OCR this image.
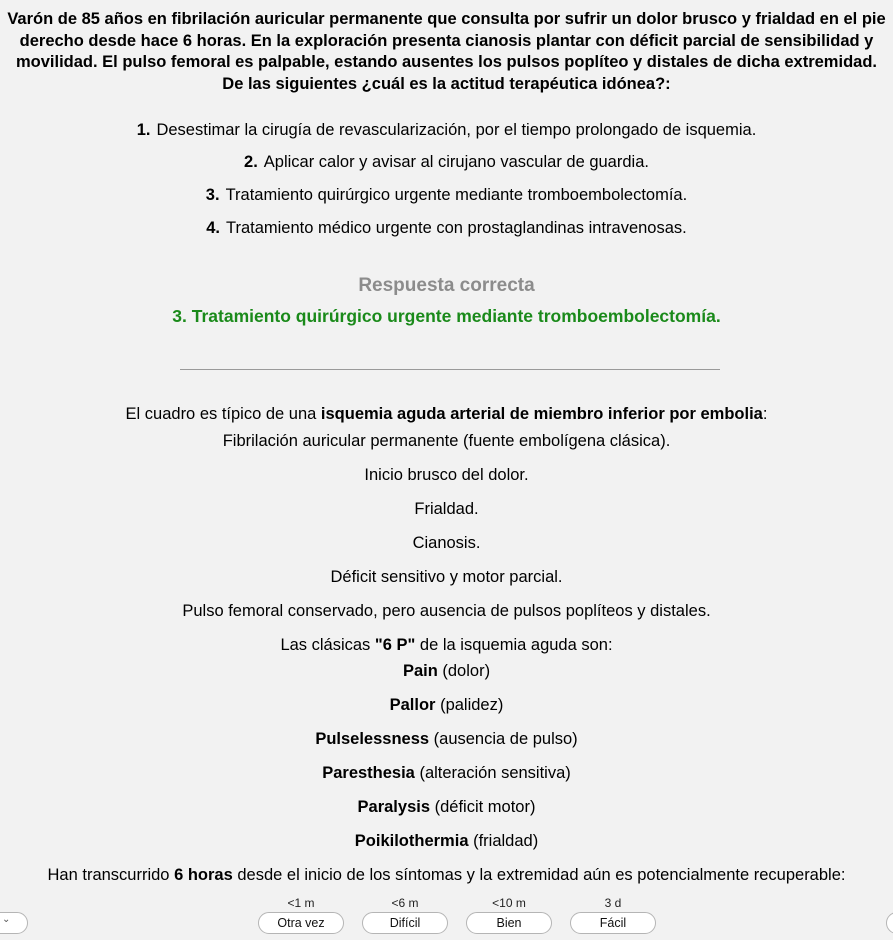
Varón de 85 años en fibrilación auricular permanente que consulta por sufrir un dolor brusco y frialdad en el pie derecho desde hace 6 horas. En la exploración presenta cianosis plantar con déficit parcial de sensibilidad y movilidad. El pulso femoral es palpable, estando ausentes los pulsos poplíteo y distales de dicha extremidad. De las siguientes ¿cuál es la actitud terapéutica idónea?:
1. Desestimar la cirugía de revascularización, por el tiempo prolongado de isquemia.
2. Aplicar calor y avisar al cirujano vascular de guardia.
3. Tratamiento quirúrgico urgente mediante tromboembolectomía.
4. Tratamiento médico urgente con prostaglandinas intravenosas.
Respuesta correcta
3. Tratamiento quirúrgico urgente mediante tromboembolectomía.
El cuadro es típico de una isquemia aguda arterial de miembro inferior por embolia:
Fibrilación auricular permanente (fuente embolígena clásica).
Inicio brusco del dolor.
Frialdad.
Cianosis.
Déficit sensitivo y motor parcial.
Pulso femoral conservado, pero ausencia de pulsos poplíteos y distales.
Las clásicas "6 P" de la isquemia aguda son:
Pain (dolor)
Pallor (palidez)
Pulselessness (ausencia de pulso)
Paresthesia (alteración sensitiva)
Paralysis (déficit motor)
Poikilothermia (frialdad)
Han transcurrido 6 horas desde el inicio de los síntomas y la extremidad aún es potencialmente recuperable:
⌄
<1 m
Otra vez
<6 m
Difícil
<10 m
Bien
3 d
Fácil
